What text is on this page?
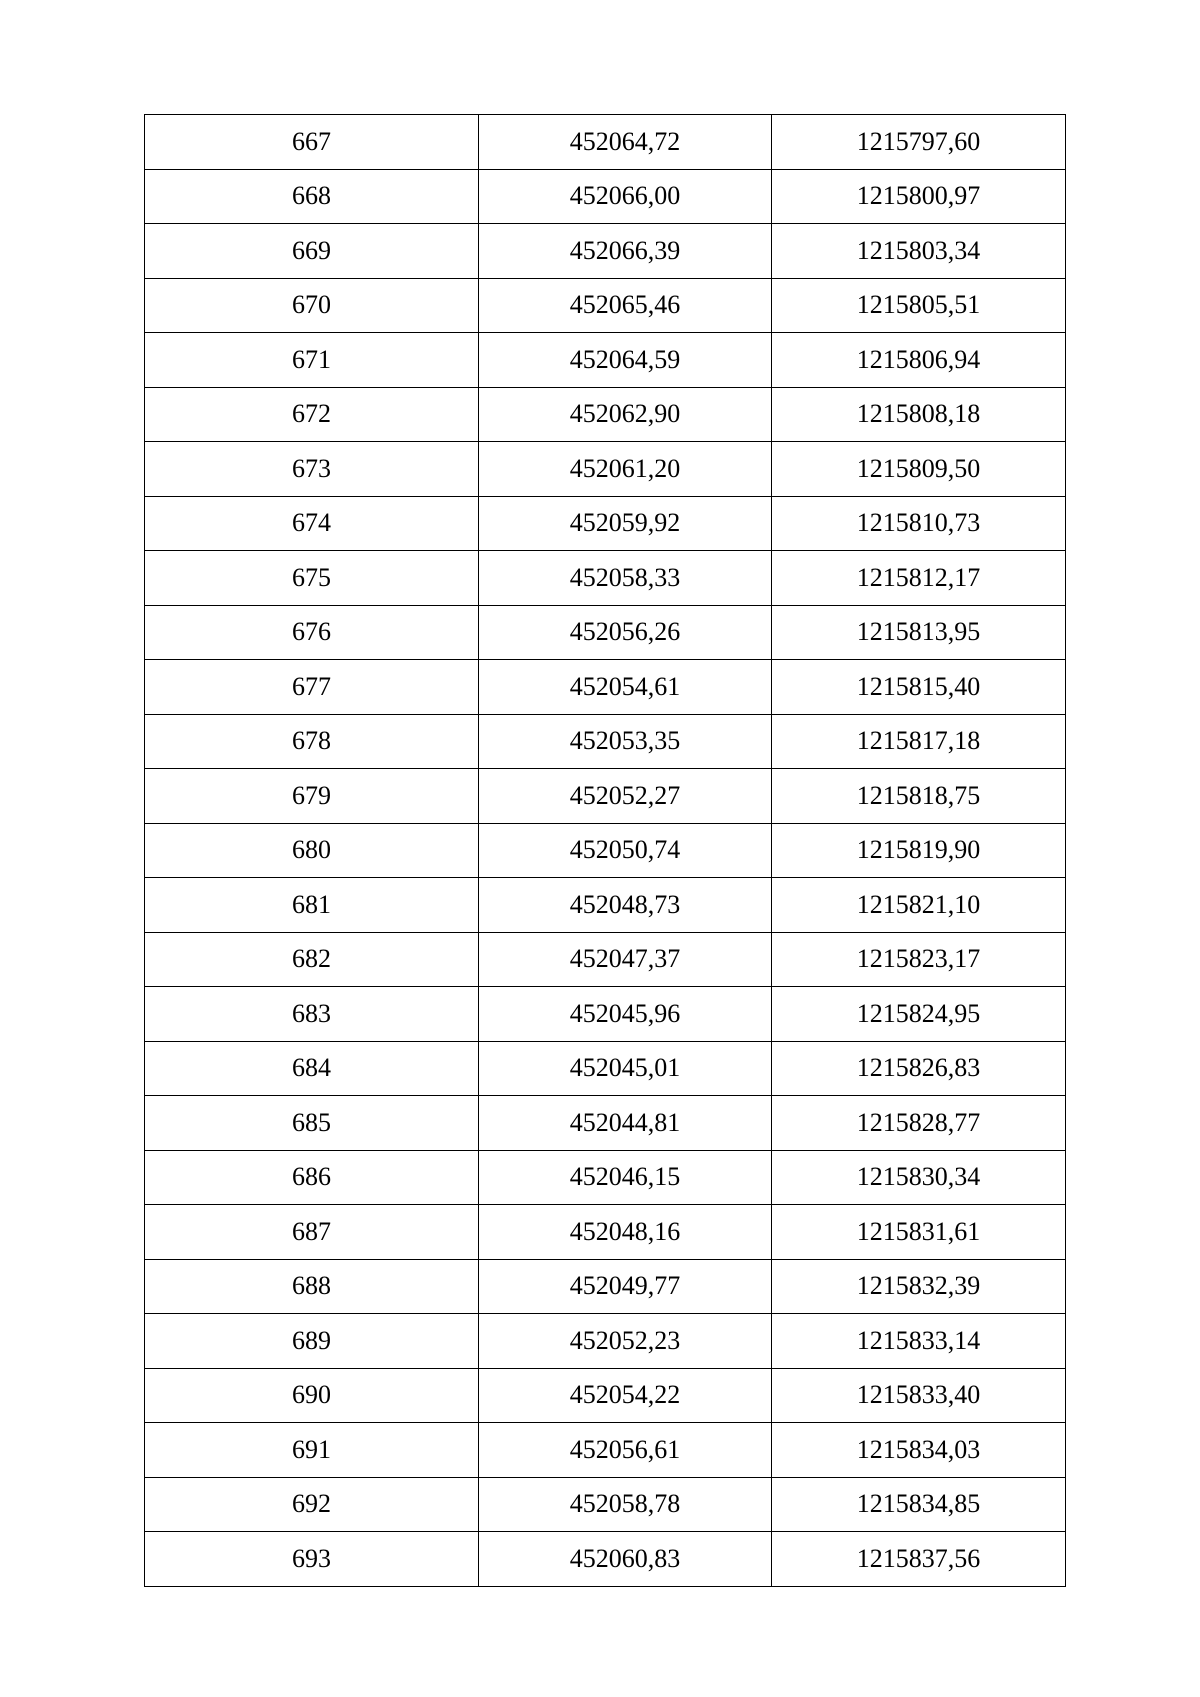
667	452064,72	1215797,60
668	452066,00	1215800,97
669	452066,39	1215803,34
670	452065,46	1215805,51
671	452064,59	1215806,94
672	452062,90	1215808,18
673	452061,20	1215809,50
674	452059,92	1215810,73
675	452058,33	1215812,17
676	452056,26	1215813,95
677	452054,61	1215815,40
678	452053,35	1215817,18
679	452052,27	1215818,75
680	452050,74	1215819,90
681	452048,73	1215821,10
682	452047,37	1215823,17
683	452045,96	1215824,95
684	452045,01	1215826,83
685	452044,81	1215828,77
686	452046,15	1215830,34
687	452048,16	1215831,61
688	452049,77	1215832,39
689	452052,23	1215833,14
690	452054,22	1215833,40
691	452056,61	1215834,03
692	452058,78	1215834,85
693	452060,83	1215837,56
